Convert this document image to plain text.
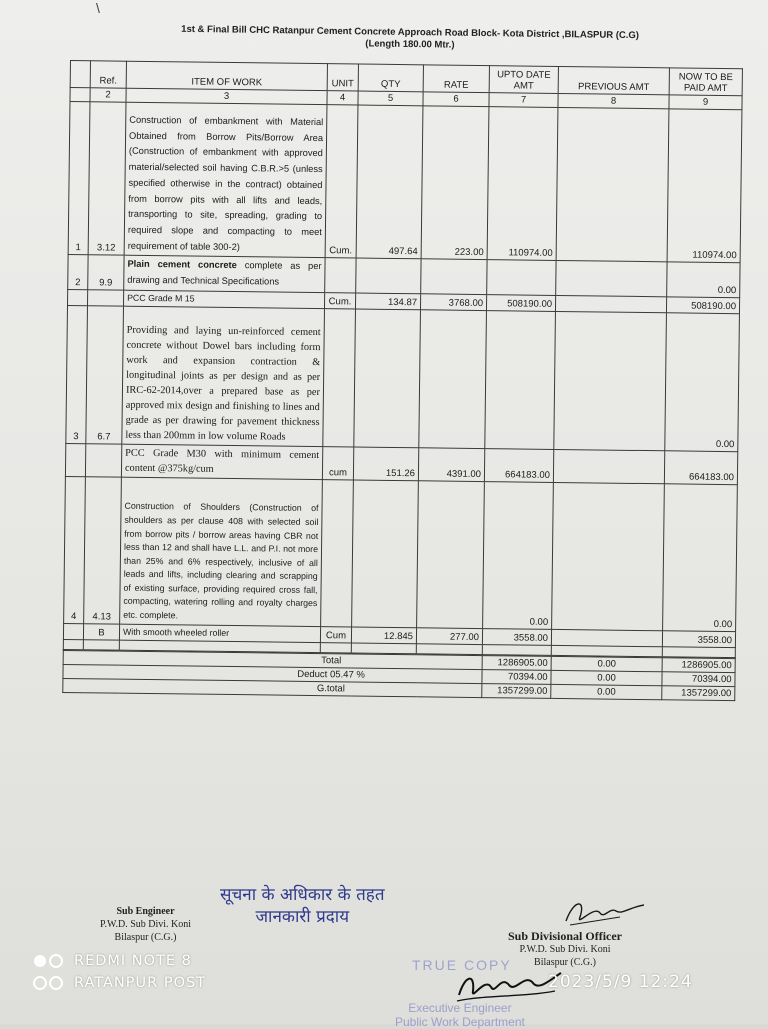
\
1st & Final Bill CHC Ratanpur Cement Concrete Approach Road Block- Kota District ,BILASPUR (C.G)
(Length 180.00 Mtr.)
	Ref.	ITEM OF WORK	UNIT	QTY	RATE	UPTO DATE AMT	PREVIOUS AMT	NOW TO BE PAID AMT
	2	3	4	5	6	7	8	9
1	3.12	Construction of embankment with Material Obtained from Borrow Pits/Borrow Area (Construction of embankment with approved material/selected soil having C.B.R.>5 (unless specified otherwise in the contract) obtained from borrow pits with all lifts and leads, transporting to site, spreading, grading to required slope and compacting to meet requirement of table 300-2)	Cum.	497.64	223.00	110974.00		110974.00
2	9.9	Plain cement concrete complete as per drawing and Technical Specifications						0.00
		PCC Grade M 15	Cum.	134.87	3768.00	508190.00		508190.00
3	6.7	Providing and laying un-reinforced cement concrete without Dowel bars including form work and expansion contraction & longitudinal joints as per design and as per IRC-62-2014,over a prepared base as per approved mix design and finishing to lines and grade as per drawing for pavement thickness less than 200mm in low volume Roads						0.00
		PCC Grade M30 with minimum cement content @375kg/cum	cum	151.26	4391.00	664183.00		664183.00
4	4.13	Construction of Shoulders (Construction of shoulders as per clause 408 with selected soil from borrow pits / borrow areas having CBR not less than 12 and shall have L.L. and P.I. not more than 25% and 6% respectively, inclusive of all leads and lifts, including clearing and scrapping of existing surface, providing required cross fall, compacting, watering rolling and royalty charges etc. complete.				0.00		0.00
	B	With smooth wheeled roller	Cum	12.845	277.00	3558.00		3558.00

Total	1286905.00	0.00	1286905.00
Deduct 05.47 %	70394.00	0.00	70394.00
G.total	1357299.00	0.00	1357299.00
सूचना के अधिकार के तहत
जानकारी प्रदाय
Sub Engineer
P.W.D. Sub Divi. Koni
Bilaspur (C.G.)	Sub Divisional Officer
P.W.D. Sub Divi. Koni
Bilaspur (C.G.)
TRUE COPY
Executive Engineer
Public Work Department
REDMI NOTE 8
RATANPUR POST	2023/5/9 12:24
